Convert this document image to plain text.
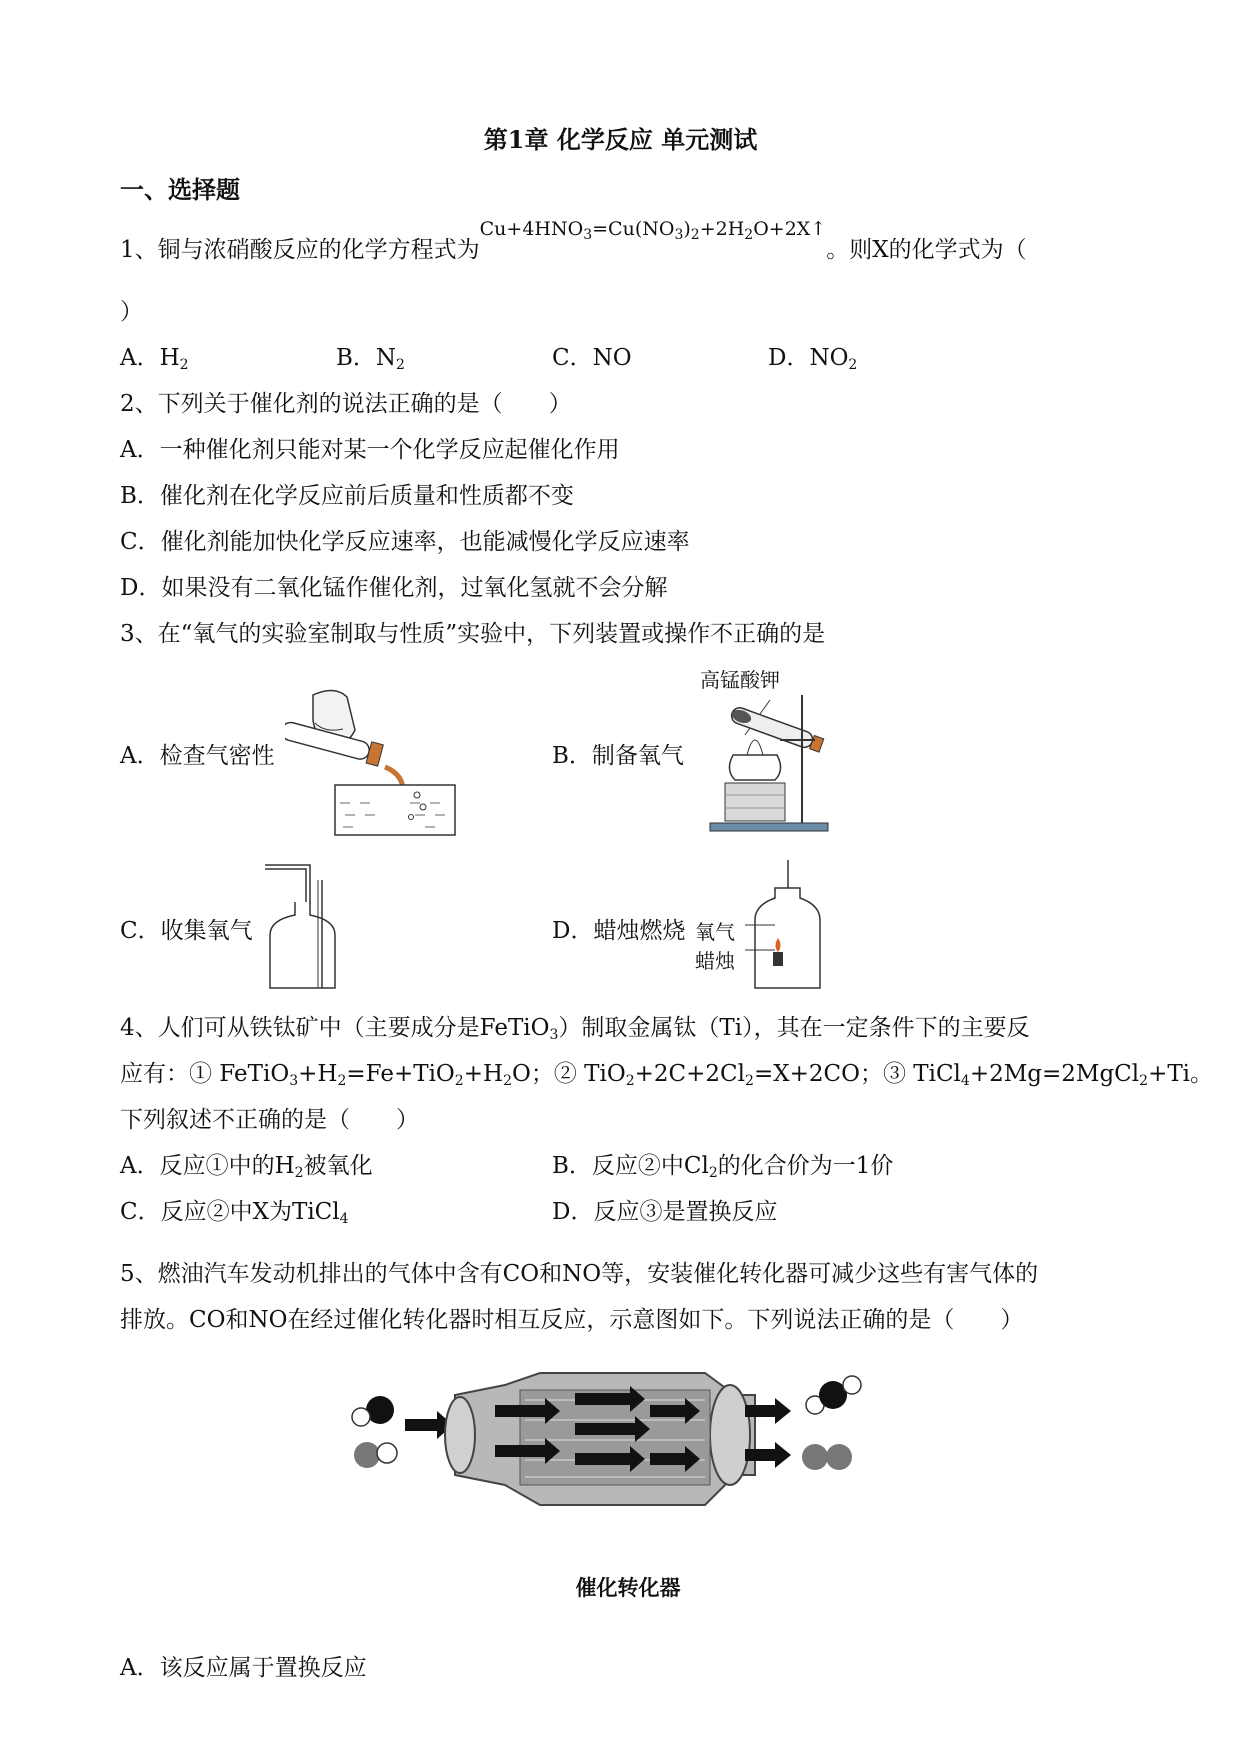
第1章 化学反应 单元测试
一、选择题
1、铜与浓硝酸反应的化学方程式为$^{Cu+4HNO_3=Cu(NO_3)_2+2H_2O+2X↑}$。则X的化学式为（
）
A．$H_2$	B．$N_2$	C．NO	D．$NO_2$
2、下列关于催化剂的说法正确的是（　　）
A．一种催化剂只能对某一个化学反应起催化作用
B．催化剂在化学反应前后质量和性质都不变
C．催化剂能加快化学反应速率，也能减慢化学反应速率
D．如果没有二氧化锰作催化剂，过氧化氢就不会分解
3、在“氧气的实验室制取与性质”实验中，下列装置或操作不正确的是
A．检查气密性	B．制备氧气
高锰酸钾
C．收集氧气	D．蜡烛燃烧 氧气
蜡烛
4、人们可从铁钛矿中（主要成分是FeTiO$_3$）制取金属钛（Ti），其在一定条件下的主要反
应有：① $FeTiO_3+H_2=Fe+TiO_2+H_2O$；② $TiO_2+2C+2Cl_2=X+2CO$；③ TiCl$_4$+2Mg=2MgCl$_2$+Ti。
下列叙述不正确的是（　　）
A．反应①中的$H_2$被氧化	B．反应②中$Cl_2$的化合价为一1价
C．反应②中X为TiCl$_4$	D．反应③是置换反应
5、燃油汽车发动机排出的气体中含有CO和NO等，安装催化转化器可减少这些有害气体的
排放。CO和NO在经过催化转化器时相互反应，示意图如下。下列说法正确的是（　　）
催化转化器
A．该反应属于置换反应
